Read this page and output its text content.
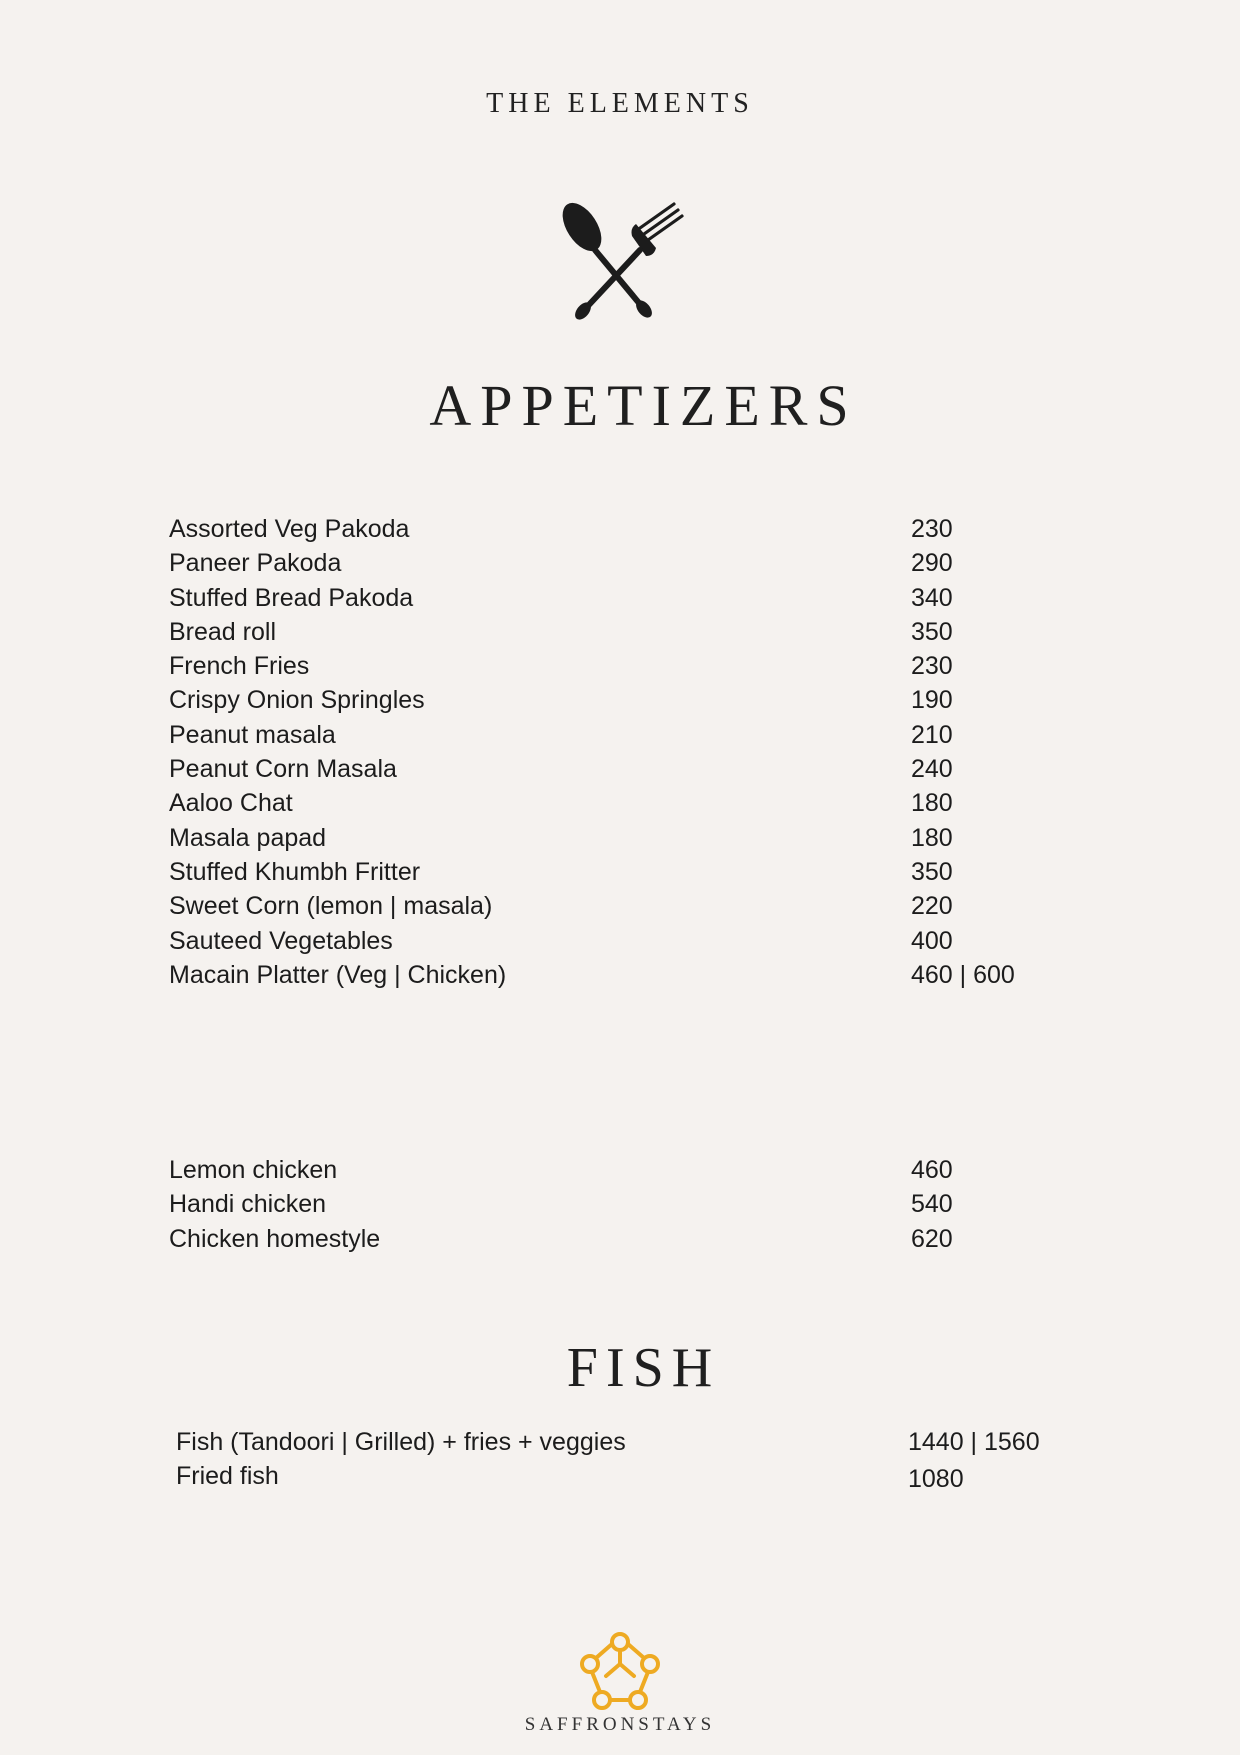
THE ELEMENTS
APPETIZERS
Assorted Veg Pakoda	230
Paneer Pakoda	290
Stuffed Bread Pakoda	340
Bread roll	350
French Fries	230
Crispy Onion Springles	190
Peanut masala	210
Peanut Corn Masala	240
Aaloo Chat	180
Masala papad	180
Stuffed Khumbh Fritter	350
Sweet Corn (lemon | masala)	220
Sauteed Vegetables	400
Macain Platter (Veg | Chicken)	460 | 600
Lemon chicken	460
Handi chicken	540
Chicken homestyle	620
FISH
Fish (Tandoori | Grilled) + fries + veggies	1440 | 1560
Fried fish	1080
SAFFRONSTAYS
